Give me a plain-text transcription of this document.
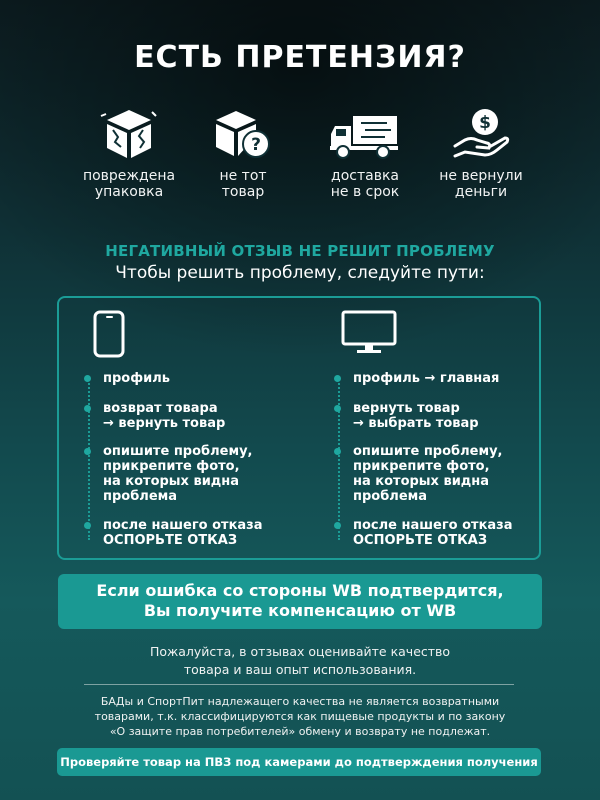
ЕСТЬ ПРЕТЕНЗИЯ?
повреждена
упаковка
?
не тот
товар
доставка
не в срок
$
не вернули
деньги
НЕГАТИВНЫЙ ОТЗЫВ НЕ РЕШИТ ПРОБЛЕМУ
Чтобы решить проблему, следуйте пути:
профиль
возврат товара
→ вернуть товар
опишите проблему,
прикрепите фото,
на которых видна
проблема
после нашего отказа
ОСПОРЬТЕ ОТКАЗ
профиль → главная
вернуть товар
→ выбрать товар
опишите проблему,
прикрепите фото,
на которых видна
проблема
после нашего отказа
ОСПОРЬТЕ ОТКАЗ
Если ошибка со стороны WB подтвердится,
Вы получите компенсацию от WB
Пожалуйста, в отзывах оценивайте качество
товара и ваш опыт использования.
БАДы и СпортПит надлежащего качества не является возвратными
товарами, т.к. классифицируются как пищевые продукты и по закону
«О защите прав потребителей» обмену и возврату не подлежат.
Проверяйте товар на ПВЗ под камерами до подтверждения получения
